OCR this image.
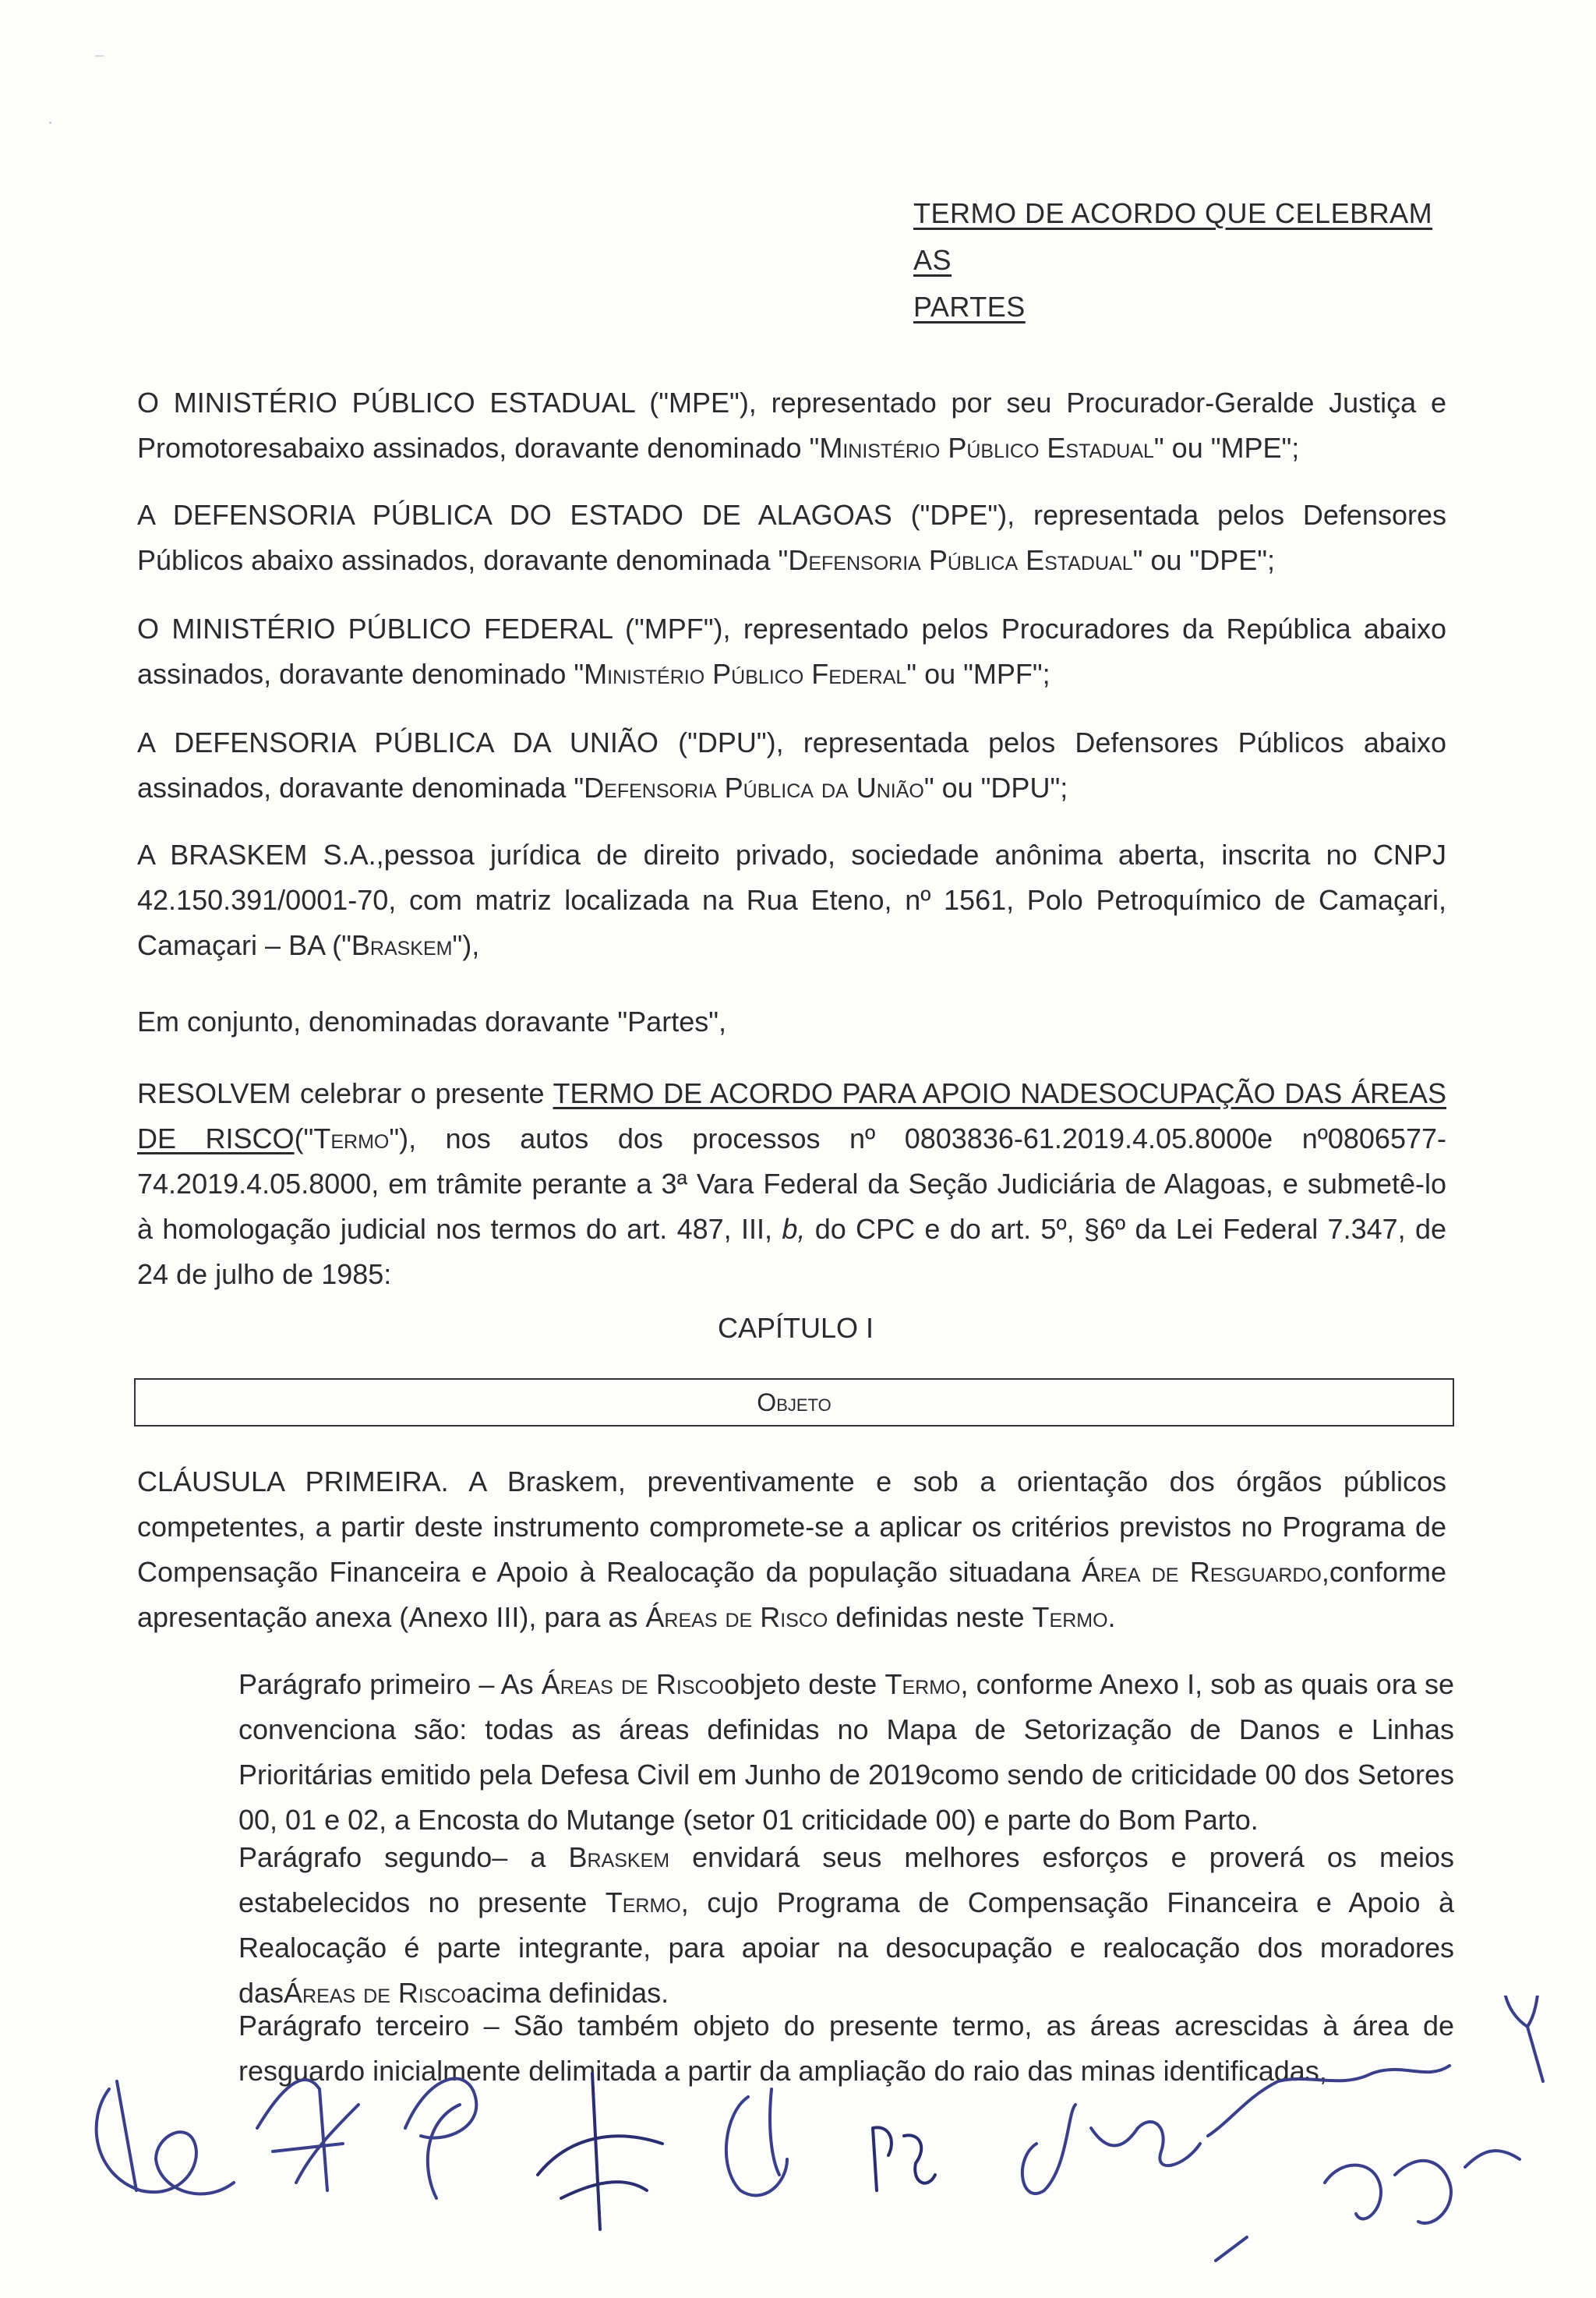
⁻
·
TERMO DE ACORDO QUE CELEBRAM AS
PARTES
O MINISTÉRIO PÚBLICO ESTADUAL ("MPE"), representado por seu Procurador-Geralde Justiça e Promotoresabaixo assinados, doravante denominado "Ministério Público Estadual" ou "MPE";
A DEFENSORIA PÚBLICA DO ESTADO DE ALAGOAS ("DPE"), representada pelos Defensores Públicos abaixo assinados, doravante denominada "Defensoria Pública Estadual" ou "DPE";
O MINISTÉRIO PÚBLICO FEDERAL ("MPF"), representado pelos Procuradores da República abaixo assinados, doravante denominado "Ministério Público Federal" ou "MPF";
A DEFENSORIA PÚBLICA DA UNIÃO ("DPU"), representada pelos Defensores Públicos abaixo assinados, doravante denominada "Defensoria Pública da União" ou "DPU";
A BRASKEM S.A.,pessoa jurídica de direito privado, sociedade anônima aberta, inscrita no CNPJ 42.150.391/0001-70, com matriz localizada na Rua Eteno, nº 1561, Polo Petroquímico de Camaçari, Camaçari – BA ("Braskem"),
Em conjunto, denominadas doravante "Partes",
RESOLVEM celebrar o presente TERMO DE ACORDO PARA APOIO NADESOCUPAÇÃO DAS ÁREAS DE RISCO("Termo"), nos autos dos processos nº 0803836-61.2019.4.05.8000e nº0806577-74.2019.4.05.8000, em trâmite perante a 3ª Vara Federal da Seção Judiciária de Alagoas, e submetê-lo à homologação judicial nos termos do art. 487, III, b, do CPC e do art. 5º, §6º da Lei Federal 7.347, de 24 de julho de 1985:
CAPÍTULO I
Objeto
CLÁUSULA PRIMEIRA. A Braskem, preventivamente e sob a orientação dos órgãos públicos competentes, a partir deste instrumento compromete-se a aplicar os critérios previstos no Programa de Compensação Financeira e Apoio à Realocação da população situadana Área de Resguardo,conforme apresentação anexa (Anexo III), para as Áreas de Risco definidas neste Termo.
Parágrafo primeiro – As Áreas de Riscoobjeto deste Termo, conforme Anexo I, sob as quais ora se convenciona são: todas as áreas definidas no Mapa de Setorização de Danos e Linhas Prioritárias emitido pela Defesa Civil em Junho de 2019como sendo de criticidade 00 dos Setores 00, 01 e 02, a Encosta do Mutange (setor 01 criticidade 00) e parte do Bom Parto.
Parágrafo segundo– a Braskem envidará seus melhores esforços e proverá os meios estabelecidos no presente Termo, cujo Programa de Compensação Financeira e Apoio à Realocação é parte integrante, para apoiar na desocupação e realocação dos moradores dasÁreas de Riscoacima definidas.
Parágrafo terceiro – São também objeto do presente termo, as áreas acrescidas à área de resguardo inicialmente delimitada a partir da ampliação do raio das minas identificadas,
